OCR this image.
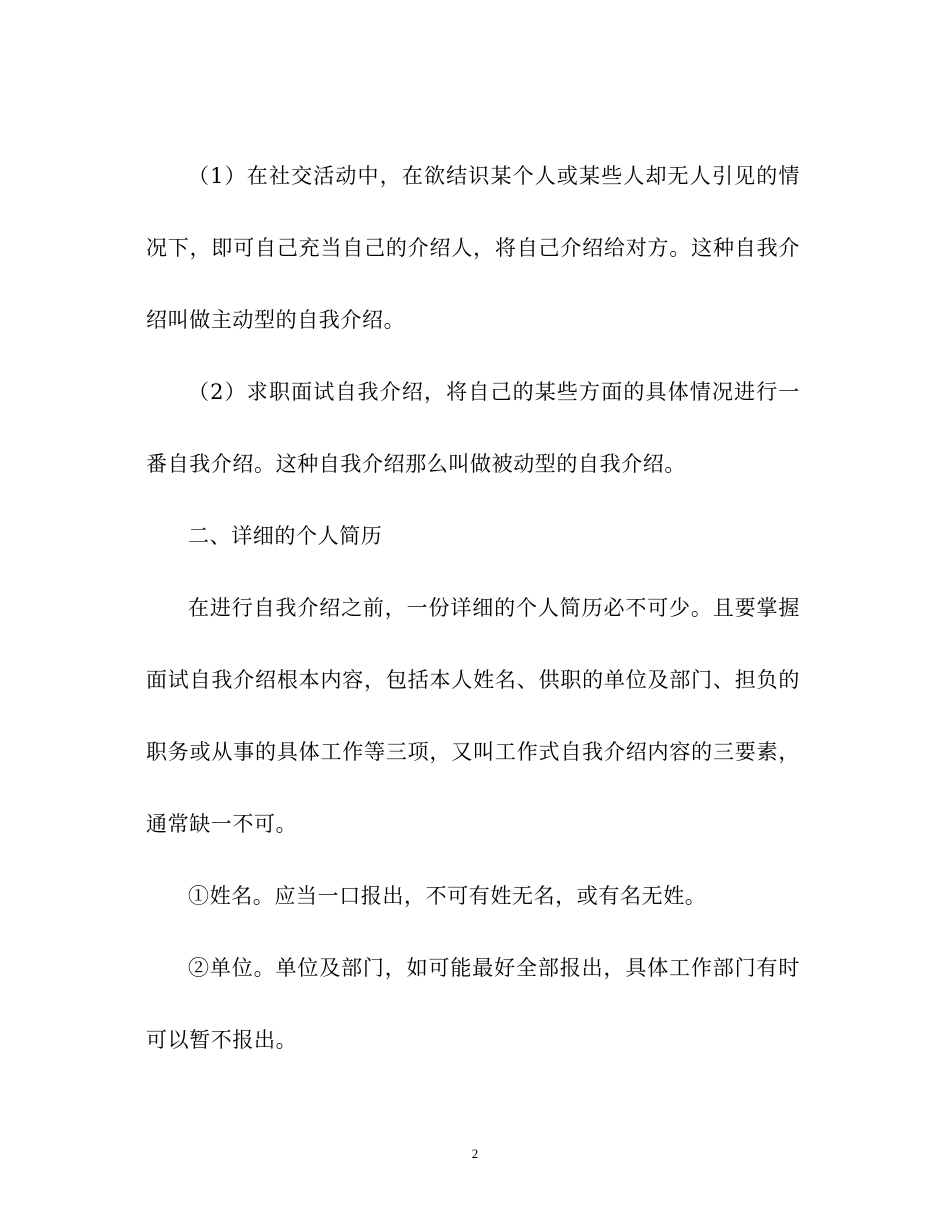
（1）在社交活动中，在欲结识某个人或某些人却无人引见的情况下，即可自己充当自己的介绍人，将自己介绍给对方。这种自我介绍叫做主动型的自我介绍。

（2）求职面试自我介绍，将自己的某些方面的具体情况进行一番自我介绍。这种自我介绍那么叫做被动型的自我介绍。

二、详细的个人简历

在进行自我介绍之前，一份详细的个人简历必不可少。且要掌握面试自我介绍根本内容，包括本人姓名、供职的单位及部门、担负的职务或从事的具体工作等三项，又叫工作式自我介绍内容的三要素，通常缺一不可。

①姓名。应当一口报出，不可有姓无名，或有名无姓。

②单位。单位及部门，如可能最好全部报出，具体工作部门有时可以暂不报出。

2
